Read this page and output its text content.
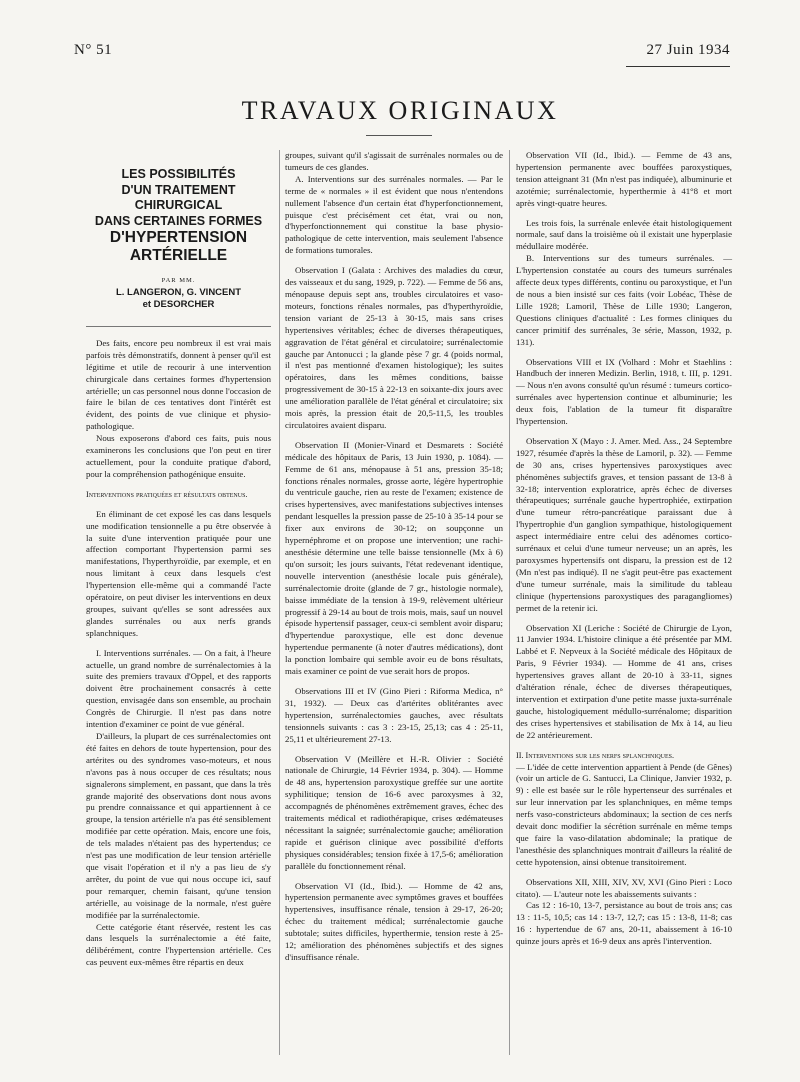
N° 51	27 Juin 1934
TRAVAUX ORIGINAUX
LES POSSIBILITÉS
D'UN TRAITEMENT CHIRURGICAL
DANS CERTAINES FORMES
D'HYPERTENSION
ARTÉRIELLE
PAR MM.
L. LANGERON, G. VINCENT
et DESORCHER

Des faits, encore peu nombreux il est vrai mais parfois très démonstratifs, donnent à penser qu'il est légitime et utile de recourir à une intervention chirurgicale dans certaines formes d'hypertension artérielle; un cas personnel nous donne l'occasion de faire le bilan de ces tentatives dont l'intérêt est évident, des points de vue clinique et physio-pathologique.

Nous exposerons d'abord ces faits, puis nous examinerons les conclusions que l'on peut en tirer actuellement, pour la conduite pratique d'abord, pour la compréhension pathogénique ensuite.

Interventions pratiquées et résultats obtenus.

En éliminant de cet exposé les cas dans lesquels une modification tensionnelle a pu être observée à la suite d'une intervention pratiquée pour une affection comportant l'hypertension parmi ses manifestations, l'hyperthyroïdie, par exemple, et en nous limitant à ceux dans lesquels c'est l'hypertension elle-même qui a commandé l'acte opératoire, on peut diviser les interventions en deux groupes, suivant qu'elles se sont adressées aux glandes surrénales ou aux nerfs grands splanchniques.

I. Interventions surrénales. — On a fait, à l'heure actuelle, un grand nombre de surrénalectomies à la suite des premiers travaux d'Oppel, et des rapports doivent être prochainement consacrés à cette question, envisagée dans son ensemble, au prochain Congrès de Chirurgie. Il n'est pas dans notre intention d'examiner ce point de vue général.

D'ailleurs, la plupart de ces surrénalectomies ont été faites en dehors de toute hypertension, pour des artérites ou des syndromes vaso-moteurs, et nous n'avons pas à nous occuper de ces résultats; nous signalerons simplement, en passant, que dans la très grande majorité des observations dont nous avons pu prendre connaissance et qui appartiennent à ce groupe, la tension artérielle n'a pas été sensiblement modifiée par cette opération. Mais, encore une fois, de tels malades n'étaient pas des hypertendus; ce n'est pas une modification de leur tension artérielle que visait l'opération et il n'y a pas lieu de s'y arrêter, du point de vue qui nous occupe ici, sauf pour remarquer, chemin faisant, qu'une tension artérielle, au voisinage de la normale, n'est guère modifiée par la surrénalectomie.

Cette catégorie étant réservée, restent les cas dans lesquels la surrénalectomie a été faite, délibérément, contre l'hypertension artérielle. Ces cas peuvent eux-mêmes être répartis en deux

groupes, suivant qu'il s'agissait de surrénales normales ou de tumeurs de ces glandes.

A. Interventions sur des surrénales normales. — Par le terme de « normales » il est évident que nous n'entendons nullement l'absence d'un certain état d'hyperfonctionnement, puisque c'est précisément cet état, vrai ou non, d'hyperfonctionnement qui constitue la base physio-pathologique de cette intervention, mais seulement l'absence de formations tumorales.

Observation I (Galata : Archives des maladies du cœur, des vaisseaux et du sang, 1929, p. 722). — Femme de 56 ans, ménopause depuis sept ans, troubles circulatoires et vaso-moteurs, fonctions rénales normales, pas d'hyperthyroïdie, tension variant de 25-13 à 30-15, mais sans crises hypertensives véritables; échec de diverses thérapeutiques, aggravation de l'état général et circulatoire; surrénalectomie gauche par Antonucci ; la glande pèse 7 gr. 4 (poids normal, il n'est pas mentionné d'examen histologique); les suites opératoires, dans les mêmes conditions, baisse progressivement de 30-15 à 22-13 en soixante-dix jours avec une amélioration parallèle de l'état général et circulatoire; six mois après, la pression était de 20,5-11,5, les troubles circulatoires avaient disparu.

Observation II (Monier-Vinard et Desmarets : Société médicale des hôpitaux de Paris, 13 Juin 1930, p. 1084). — Femme de 61 ans, ménopause à 51 ans, pression 35-18; fonctions rénales normales, grosse aorte, légère hypertrophie du ventricule gauche, rien au reste de l'examen; existence de crises hypertensives, avec manifestations subjectives intenses pendant lesquelles la pression passe de 25-10 à 35-14 pour se fixer aux environs de 30-12; on soupçonne un hypernéphrome et on propose une intervention; une rachi-anesthésie détermine une telle baisse tensionnelle (Mx à 6) qu'on sursoit; les jours suivants, l'état redevenant identique, nouvelle intervention (anesthésie locale puis générale), surrénalectomie droite (glande de 7 gr., histologie normale), baisse immédiate de la tension à 19-9, relèvement ultérieur progressif à 29-14 au bout de trois mois, mais, sauf un nouvel épisode hypertensif passager, ceux-ci semblent avoir disparu; d'hypertendue paroxystique, elle est donc devenue hypertendue permanente (à noter d'autres médications), dont la ponction lombaire qui semble avoir eu de bons résultats, mais examiner ce point de vue serait hors de propos.

Observations III et IV (Gino Pieri : Riforma Medica, n° 31, 1932). — Deux cas d'artérites oblitérantes avec hypertension, surrénalectomies gauches, avec résultats tensionnels suivants : cas 3 : 23-15, 25,13; cas 4 : 25-11, 25,11 et ultérieurement 27-13.

Observation V (Meillère et H.-R. Olivier : Société nationale de Chirurgie, 14 Février 1934, p. 304). — Homme de 48 ans, hypertension paroxystique greffée sur une aortite syphilitique; tension de 16-6 avec paroxysmes à 32, accompagnés de phénomènes extrêmement graves, échec des traitements médical et radiothérapique, crises œdémateuses nécessitant la saignée; surrénalectomie gauche; amélioration rapide et guérison clinique avec possibilité d'efforts physiques considérables; tension fixée à 17,5-6; amélioration parallèle du fonctionnement rénal.

Observation VI (Id., Ibid.). — Homme de 42 ans, hypertension permanente avec symptômes graves et bouffées hypertensives, insuffisance rénale, tension à 29-17, 26-20; échec du traitement médical; surrénalectomie gauche subtotale; suites difficiles, hyperthermie, tension reste à 25-12; amélioration des phénomènes subjectifs et des signes d'insuffisance rénale.

Observation VII (Id., Ibid.). — Femme de 43 ans, hypertension permanente avec bouffées paroxystiques, tension atteignant 31 (Mn n'est pas indiquée), albuminurie et azotémie; surrénalectomie, hyperthermie à 41°8 et mort après vingt-quatre heures.

Les trois fois, la surrénale enlevée était histologiquement normale, sauf dans la troisième où il existait une hyperplasie médullaire modérée.

B. Interventions sur des tumeurs surrénales. — L'hypertension constatée au cours des tumeurs surrénales affecte deux types différents, continu ou paroxystique, et l'un de nous a bien insisté sur ces faits (voir Lobéac, Thèse de Lille 1928; Lamoril, Thèse de Lille 1930; Langeron, Questions cliniques d'actualité : Les formes cliniques du cancer primitif des surrénales, 3e série, Masson, 1932, p. 131).

Observations VIII et IX (Volhard : Mohr et Staehlins : Handbuch der inneren Medizin. Berlin, 1918, t. III, p. 1291. — Nous n'en avons consulté qu'un résumé : tumeurs cortico-surrénales avec hypertension continue et albuminurie; les deux fois, l'ablation de la tumeur fit disparaître l'hypertension.

Observation X (Mayo : J. Amer. Med. Ass., 24 Septembre 1927, résumée d'après la thèse de Lamoril, p. 32). — Femme de 30 ans, crises hypertensives paroxystiques avec phénomènes subjectifs graves, et tension passant de 13-8 à 32-18; intervention exploratrice, après échec de diverses thérapeutiques; surrénale gauche hypertrophiée, extirpation d'une tumeur rétro-pancréatique paraissant due à l'hypertrophie d'un ganglion sympathique, histologiquement aspect intermédiaire entre celui des adénomes cortico-surrénaux et celui d'une tumeur nerveuse; un an après, les paroxysmes hypertensifs ont disparu, la pression est de 12 (Mn n'est pas indiqué). Il ne s'agit peut-être pas exactement d'une tumeur surrénale, mais la similitude du tableau clinique (hypertensions paroxystiques des paragangliomes) permet de la retenir ici.

Observation XI (Leriche : Société de Chirurgie de Lyon, 11 Janvier 1934. L'histoire clinique a été présentée par MM. Labbé et F. Nepveux à la Société médicale des Hôpitaux de Paris, 9 Février 1934). — Homme de 41 ans, crises hypertensives graves allant de 20-10 à 33-11, signes d'altération rénale, échec de diverses thérapeutiques, intervention et extirpation d'une petite masse juxta-surrénale gauche, histologiquement médullo-surrénalome; disparition des crises hypertensives et stabilisation de Mx à 14, au lieu de 22 antérieurement.

II. Interventions sur les nerfs splanchniques.

— L'idée de cette intervention appartient à Pende (de Gênes) (voir un article de G. Santucci, La Clinique, Janvier 1932, p. 9) : elle est basée sur le rôle hypertenseur des surrénales et sur leur innervation par les splanchniques, en même temps nerfs vaso-constricteurs abdominaux; la section de ces nerfs devait donc modifier la sécrétion surrénale en même temps que faire la vaso-dilatation abdominale; la pratique de l'anesthésie des splanchniques montrait d'ailleurs la réalité de cette hypotension, ainsi obtenue transitoirement.

Observations XII, XIII, XIV, XV, XVI (Gino Pieri : Loco citato). — L'auteur note les abaissements suivants :

Cas 12 : 16-10, 13-7, persistance au bout de trois ans; cas 13 : 11-5, 10,5; cas 14 : 13-7, 12,7; cas 15 : 13-8, 11-8; cas 16 : hypertendue de 67 ans, 20-11, abaissement à 16-10 quinze jours après et 16-9 deux ans après l'intervention.
